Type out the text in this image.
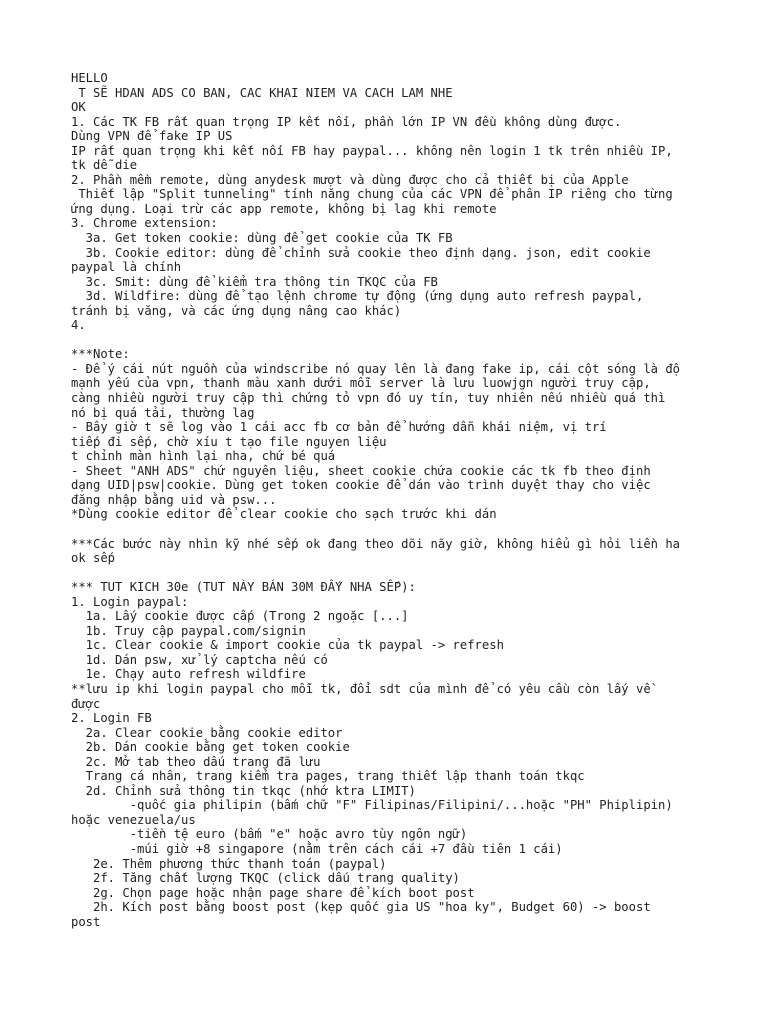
HELLO
T SẼ HDAN ADS CO BAN, CAC KHAI NIEM VA CACH LAM NHE
OK
1. Các TK FB rất quan trọng IP kết nối, phần lớn IP VN đều không dùng được.
Dùng VPN để fake IP US
IP rất quan trọng khi kết nối FB hay paypal... không nên login 1 tk trên nhiều IP,
tk dễ die
2. Phần mềm remote, dùng anydesk mượt và dùng được cho cả thiết bị của Apple
Thiết lập "Split tunneling" tính năng chung của các VPN để phân IP riêng cho từng
ứng dụng. Loại trừ các app remote, không bị lag khi remote
3. Chrome extension:
3a. Get token cookie: dùng để get cookie của TK FB
3b. Cookie editor: dùng để chỉnh sửa cookie theo định dạng. json, edit cookie
paypal là chính
3c. Smit: dùng để kiểm tra thông tin TKQC của FB
3d. Wildfire: dùng để tạo lệnh chrome tự động (ứng dụng auto refresh paypal,
tránh bị văng, và các ứng dụng nâng cao khác)
4.
***Note:
- Để ý cái nút nguồn của windscribe nó quay lên là đang fake ip, cái cột sóng là độ
mạnh yếu của vpn, thanh màu xanh dưới mỗi server là lưu luowjgn người truy cập,
càng nhiều người truy cập thì chứng tỏ vpn đó uy tín, tuy nhiên nếu nhiều quá thì
nó bị quá tải, thường lag
- Bây giờ t sẽ log vào 1 cái acc fb cơ bản để hướng dẫn khái niệm, vị trí
tiếp đi sếp, chờ xíu t tạo file nguyen liệu
t chỉnh màn hình lại nha, chứ bé quá
- Sheet "ANH ADS" chứ nguyên liệu, sheet cookie chứa cookie các tk fb theo định
dạng UID|psw|cookie. Dùng get token cookie để dán vào trình duyệt thay cho việc
đăng nhập bằng uid và psw...
*Dùng cookie editor để clear cookie cho sạch trước khi dán
***Các bước này nhìn kỹ nhé sếp ok đang theo dõi nãy giờ, không hiểu gì hỏi liền ha
ok sếp
*** TUT KICH 30e (TUT NÀY BÁN 30M ĐẤY NHA SẾP):
1. Login paypal:
1a. Lấy cookie được cấp (Trong 2 ngoặc [...]
1b. Truy cập paypal.com/signin
1c. Clear cookie & import cookie của tk paypal -> refresh
1d. Dán psw, xử lý captcha nếu có
1e. Chạy auto refresh wildfire
**lưu ip khi login paypal cho mỗi tk, đổi sdt của mình để có yêu cầu còn lấy về
được
2. Login FB
2a. Clear cookie bằng cookie editor
2b. Dán cookie bằng get token cookie
2c. Mở tab theo dấu trang đã lưu
Trang cá nhân, trang kiểm tra pages, trang thiết lập thanh toán tkqc
2d. Chỉnh sửa thông tin tkqc (nhớ ktra LIMIT)
-quốc gia philipin (bấm chữ "F" Filipinas/Filipini/...hoặc "PH" Phiplipin)
hoặc venezuela/us
-tiền tệ euro (bấm "e" hoặc avro tùy ngôn ngữ)
-múi giờ +8 singapore (nằm trên cách cái +7 đầu tiên 1 cái)
2e. Thêm phương thức thanh toán (paypal)
2f. Tăng chất lượng TKQC (click dấu trang quality)
2g. Chọn page hoặc nhận page share để kích boot post
2h. Kích post bằng boost post (kẹp quốc gia US "hoa ky", Budget 60) -> boost
post
